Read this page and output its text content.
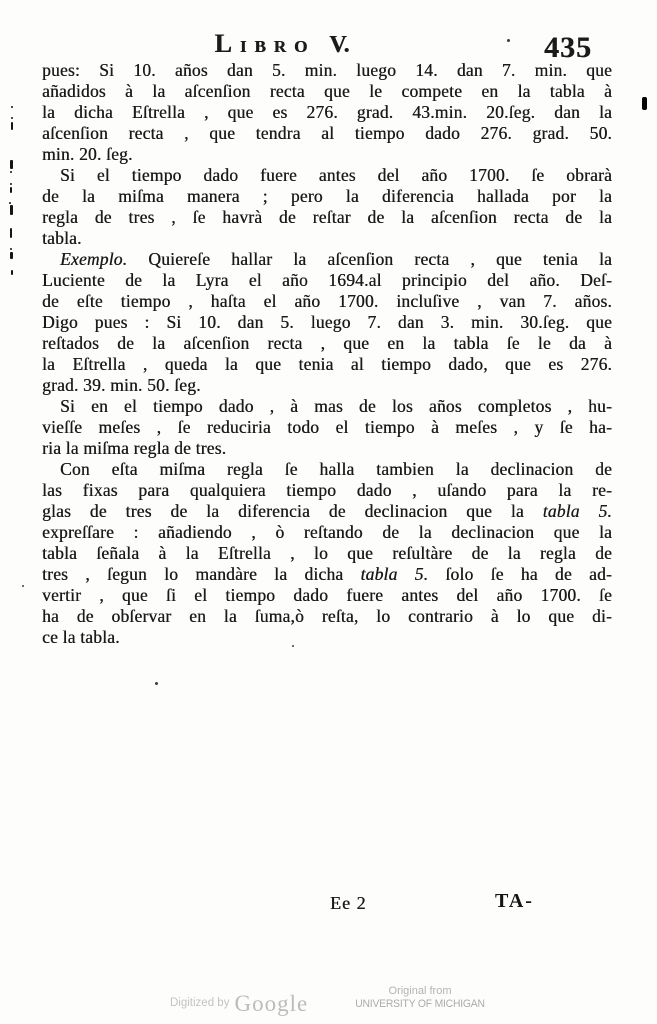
LIBRO V.	435
pues: Si 10. años dan 5. min. luego 14. dan 7. min. que
añadidos à la aſcenſion recta que le compete en la tabla à
la dicha Eſtrella , que es 276. grad. 43.min. 20.ſeg. dan la
aſcenſion recta , que tendra al tiempo dado 276. grad. 50.
min. 20. ſeg.
Si el tiempo dado fuere antes del año 1700. ſe obrarà
de la miſma manera ; pero la diferencia hallada por la
regla de tres , ſe havrà de reſtar de la aſcenſion recta de la
tabla.
Exemplo. Quiereſe hallar la aſcenſion recta , que tenia la
Luciente de la Lyra el año 1694.al principio del año. Deſ-
de eſte tiempo , haſta el año 1700. incluſive , van 7. años.
Digo pues : Si 10. dan 5. luego 7. dan 3. min. 30.ſeg. que
reſtados de la aſcenſion recta , que en la tabla ſe le da à
la Eſtrella , queda la que tenia al tiempo dado, que es 276.
grad. 39. min. 50. ſeg.
Si en el tiempo dado , à mas de los años completos , hu-
vieſſe meſes , ſe reduciria todo el tiempo à meſes , y ſe ha-
ria la miſma regla de tres.
Con eſta miſma regla ſe halla tambien la declinacion de
las fixas para qualquiera tiempo dado , uſando para la re-
glas de tres de la diferencia de declinacion que la tabla 5.
expreſſare : añadiendo , ò reſtando de la declinacion que la
tabla ſeñala à la Eſtrella , lo que reſultàre de la regla de
tres , ſegun lo mandàre la dicha tabla 5. ſolo ſe ha de ad-
vertir , que ſi el tiempo dado fuere antes del año 1700. ſe
ha de obſervar en la ſuma,ò reſta, lo contrario à lo que di-
ce la tabla.
Ee 2	TA-
Digitized by Google	Original from
UNIVERSITY OF MICHIGAN
